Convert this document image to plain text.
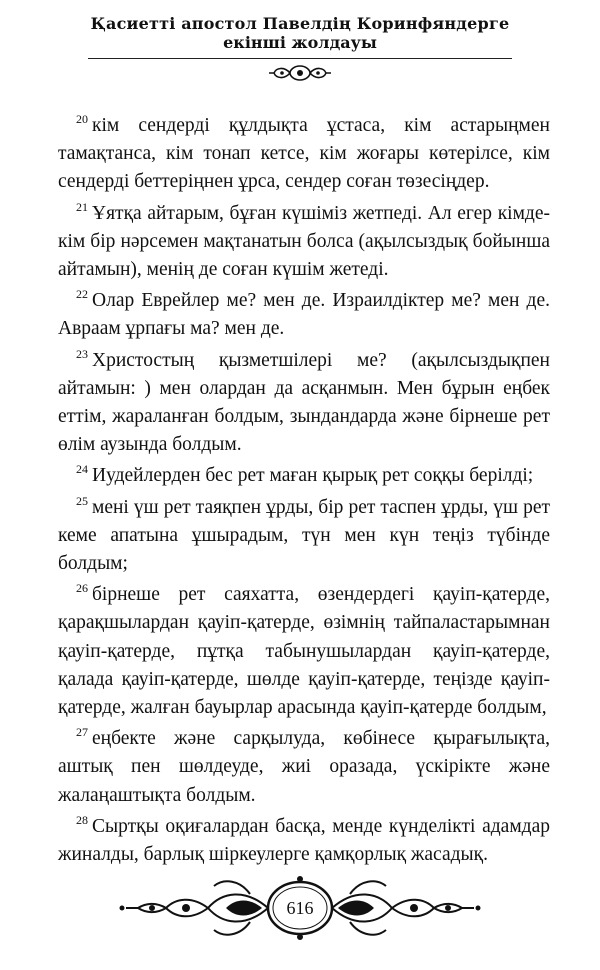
Қасиетті апостол Павелдің Коринфяндерге
екінші жолдауы

$^{20}$ кім сендерді құлдықта ұстаса, кім астарыңмен тамақтанса, кім тонап кетсе, кім жоғары көтерілсе, кім сендерді беттеріңнен ұрса, сендер соған төзесіңдер.

$^{21}$ Ұятқа айтарым, бұған күшіміз жетпеді. Ал егер кімде-кім бір нәрсемен мақтанатын болса (ақылсыздық бойынша айтамын), менің де соған күшім жетеді.

$^{22}$ Олар Еврейлер ме? мен де. Израилдіктер ме? мен де. Авраам ұрпағы ма? мен де.

$^{23}$ Христостың қызметшілері ме? (ақылсыздықпен айтамын: ) мен олардан да асқанмын. Мен бұрын еңбек еттім, жараланған болдым, зындандарда және бірнеше рет өлім аузында болдым.

$^{24}$ Иудейлерден бес рет маған қырық рет соққы берілді;

$^{25}$ мені үш рет таяқпен ұрды, бір рет таспен ұрды, үш рет кеме апатына ұшырадым, түн мен күн теңіз түбінде болдым;

$^{26}$ бірнеше рет саяхатта, өзендердегі қауіп-қатерде, қарақшылардан қауіп-қатерде, өзімнің тайпаластарымнан қауіп-қатерде, пұтқа табынушылардан қауіп-қатерде, қалада қауіп-қатерде, шөлде қауіп-қатерде, теңізде қауіп-қатерде, жалған бауырлар арасында қауіп-қатерде болдым,

$^{27}$ еңбекте және сарқылуда, көбінесе қырағылықта, аштық пен шөлдеуде, жиі оразада, үскірікте және жалаңаштықта болдым.

$^{28}$ Сыртқы оқиғалардан басқа, менде күнделікті адамдар жиналды, барлық шіркеулерге қамқорлық жасадық.

616
